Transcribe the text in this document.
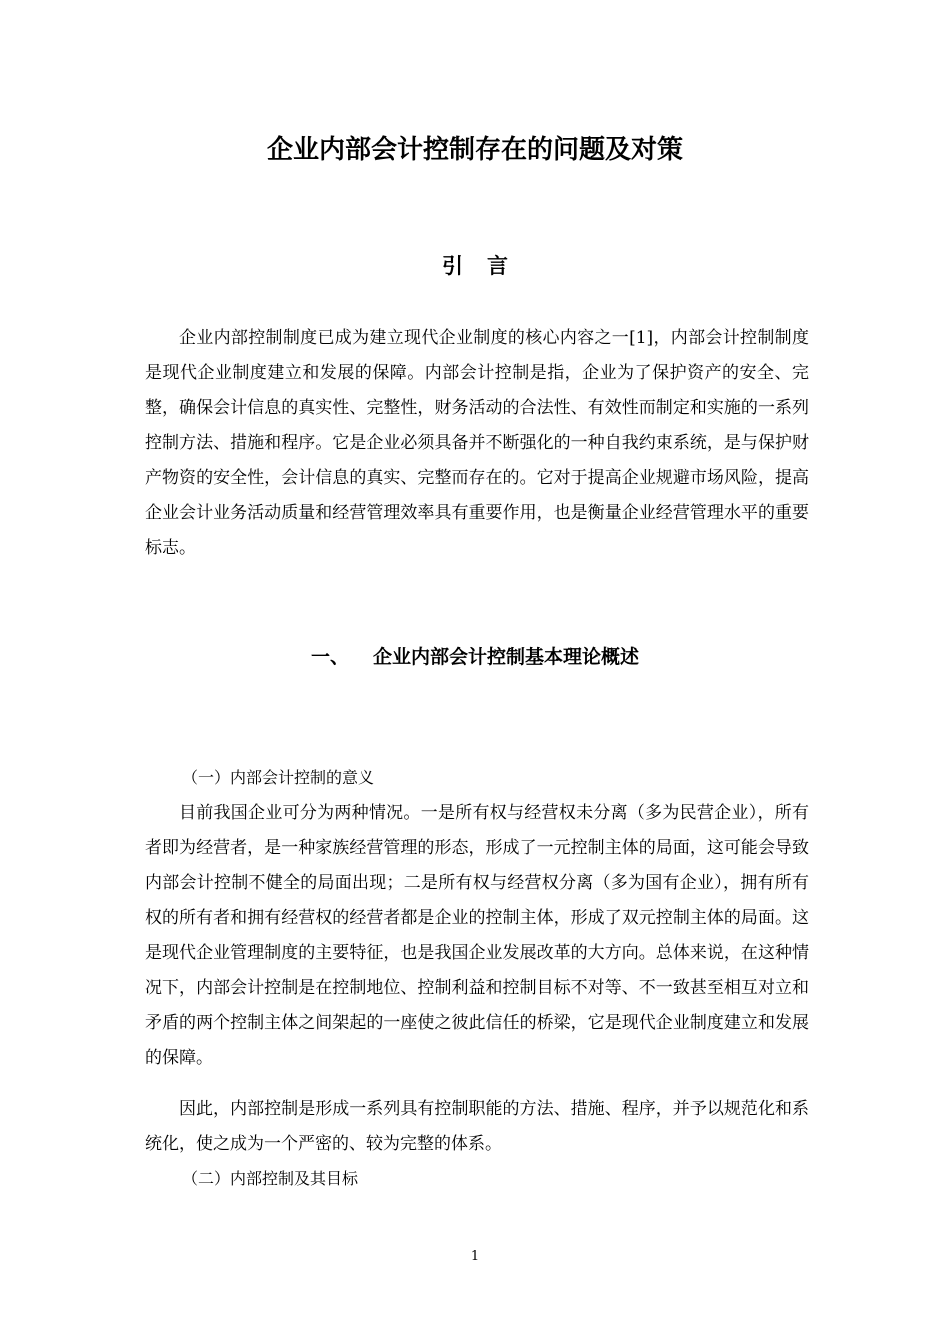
企业内部会计控制存在的问题及对策
引言

企业内部控制制度已成为建立现代企业制度的核心内容之一[1]，内部会计控制制度是现代企业制度建立和发展的保障。内部会计控制是指，企业为了保护资产的安全、完整，确保会计信息的真实性、完整性，财务活动的合法性、有效性而制定和实施的一系列控制方法、措施和程序。它是企业必须具备并不断强化的一种自我约束系统，是与保护财产物资的安全性，会计信息的真实、完整而存在的。它对于提高企业规避市场风险，提高企业会计业务活动质量和经营管理效率具有重要作用，也是衡量企业经营管理水平的重要标志。

一、 企业内部会计控制基本理论概述
（一）内部会计控制的意义

目前我国企业可分为两种情况。一是所有权与经营权未分离（多为民营企业），所有者即为经营者，是一种家族经营管理的形态，形成了一元控制主体的局面，这可能会导致内部会计控制不健全的局面出现；二是所有权与经营权分离（多为国有企业），拥有所有权的所有者和拥有经营权的经营者都是企业的控制主体，形成了双元控制主体的局面。这是现代企业管理制度的主要特征，也是我国企业发展改革的大方向。总体来说，在这种情况下，内部会计控制是在控制地位、控制利益和控制目标不对等、不一致甚至相互对立和矛盾的两个控制主体之间架起的一座使之彼此信任的桥梁，它是现代企业制度建立和发展的保障。

因此，内部控制是形成一系列具有控制职能的方法、措施、程序，并予以规范化和系统化，使之成为一个严密的、较为完整的体系。

（二）内部控制及其目标
1
